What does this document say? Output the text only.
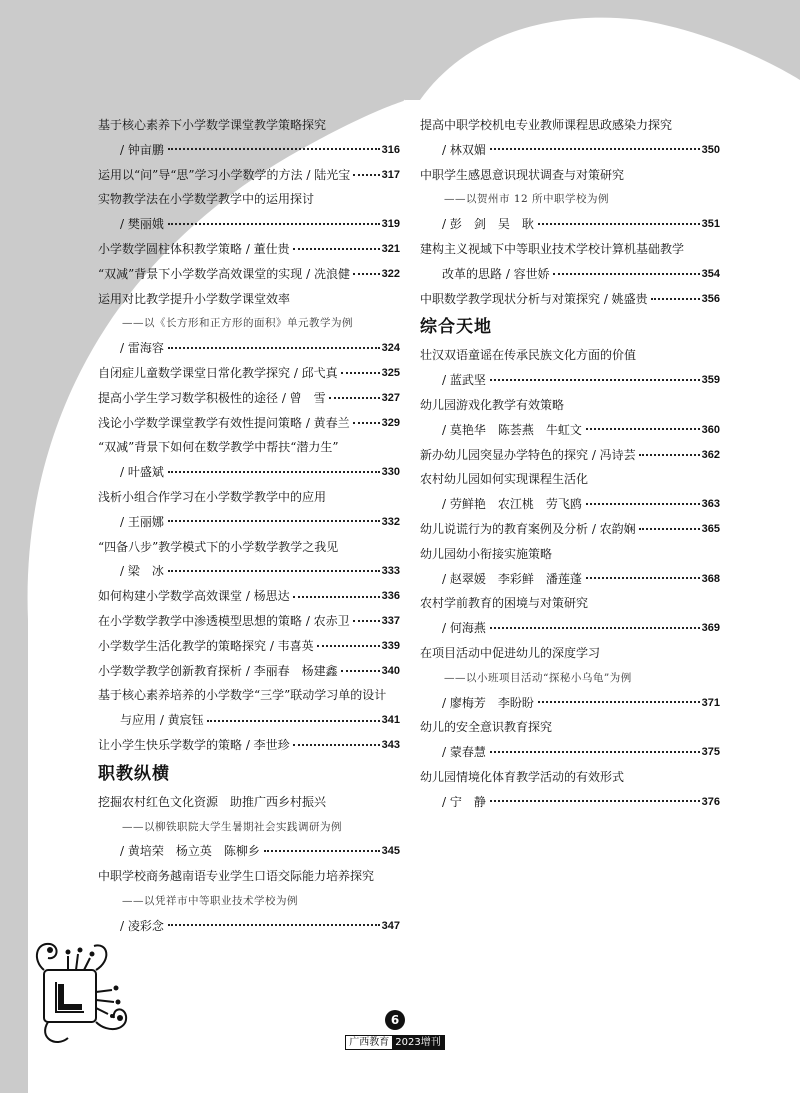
基于核心素养下小学数学课堂教学策略探究
/ 钟亩鹏	316
运用以“问”导“思”学习小学数学的方法 / 陆光宝	317
实物教学法在小学数学教学中的运用探讨
/ 樊丽娥	319
小学数学圆柱体积教学策略 / 董仕贵	321
“双减”背景下小学数学高效课堂的实现 / 冼浪健	322
运用对比教学提升小学数学课堂效率
——以《长方形和正方形的面积》单元教学为例
/ 雷海容	324
自闭症儿童数学课堂日常化教学探究 / 邱弋真	325
提高小学生学习数学积极性的途径 / 曾　雪	327
浅论小学数学课堂教学有效性提问策略 / 黄春兰	329
“双减”背景下如何在数学教学中帮扶“潜力生”
/ 叶盛斌	330
浅析小组合作学习在小学数学教学中的应用
/ 王丽娜	332
“四备八步”教学模式下的小学数学教学之我见
/ 梁　冰	333
如何构建小学数学高效课堂 / 杨思达	336
在小学数学教学中渗透模型思想的策略 / 农赤卫	337
小学数学生活化教学的策略探究 / 韦喜英	339
小学数学教学创新教育探析 / 李丽春　杨建鑫	340
基于核心素养培养的小学数学“三学”联动学习单的设计
与应用 / 黄宸钰	341
让小学生快乐学数学的策略 / 李世珍	343
职教纵横
挖掘农村红色文化资源　助推广西乡村振兴
——以柳铁职院大学生暑期社会实践调研为例
/ 黄培荣　杨立英　陈柳乡	345
中职学校商务越南语专业学生口语交际能力培养探究
——以凭祥市中等职业技术学校为例
/ 凌彩念	347
提高中职学校机电专业教师课程思政感染力探究
/ 林双媚	350
中职学生感恩意识现状调查与对策研究
——以贺州市 12 所中职学校为例
/ 彭　剑　吴　耿	351
建构主义视域下中等职业技术学校计算机基础教学
改革的思路 / 容世娇	354
中职数学教学现状分析与对策探究 / 姚盛贵	356
综合天地
壮汉双语童谣在传承民族文化方面的价值
/ 蓝武坚	359
幼儿园游戏化教学有效策略
/ 莫艳华　陈荟燕　牛虹文	360
新办幼儿园突显办学特色的探究 / 冯诗芸	362
农村幼儿园如何实现课程生活化
/ 劳鲜艳　农江桃　劳飞鸥	363
幼儿说谎行为的教育案例及分析 / 农韵娴	365
幼儿园幼小衔接实施策略
/ 赵翠媛　李彩鲜　潘莲蓬	368
农村学前教育的困境与对策研究
/ 何海燕	369
在项目活动中促进幼儿的深度学习
——以小班项目活动“探秘小乌龟”为例
/ 廖梅芳　李盼盼	371
幼儿的安全意识教育探究
/ 蒙春慧	375
幼儿园情境化体育教学活动的有效形式
/ 宁　静	376
6
广西教育 2023增刊
